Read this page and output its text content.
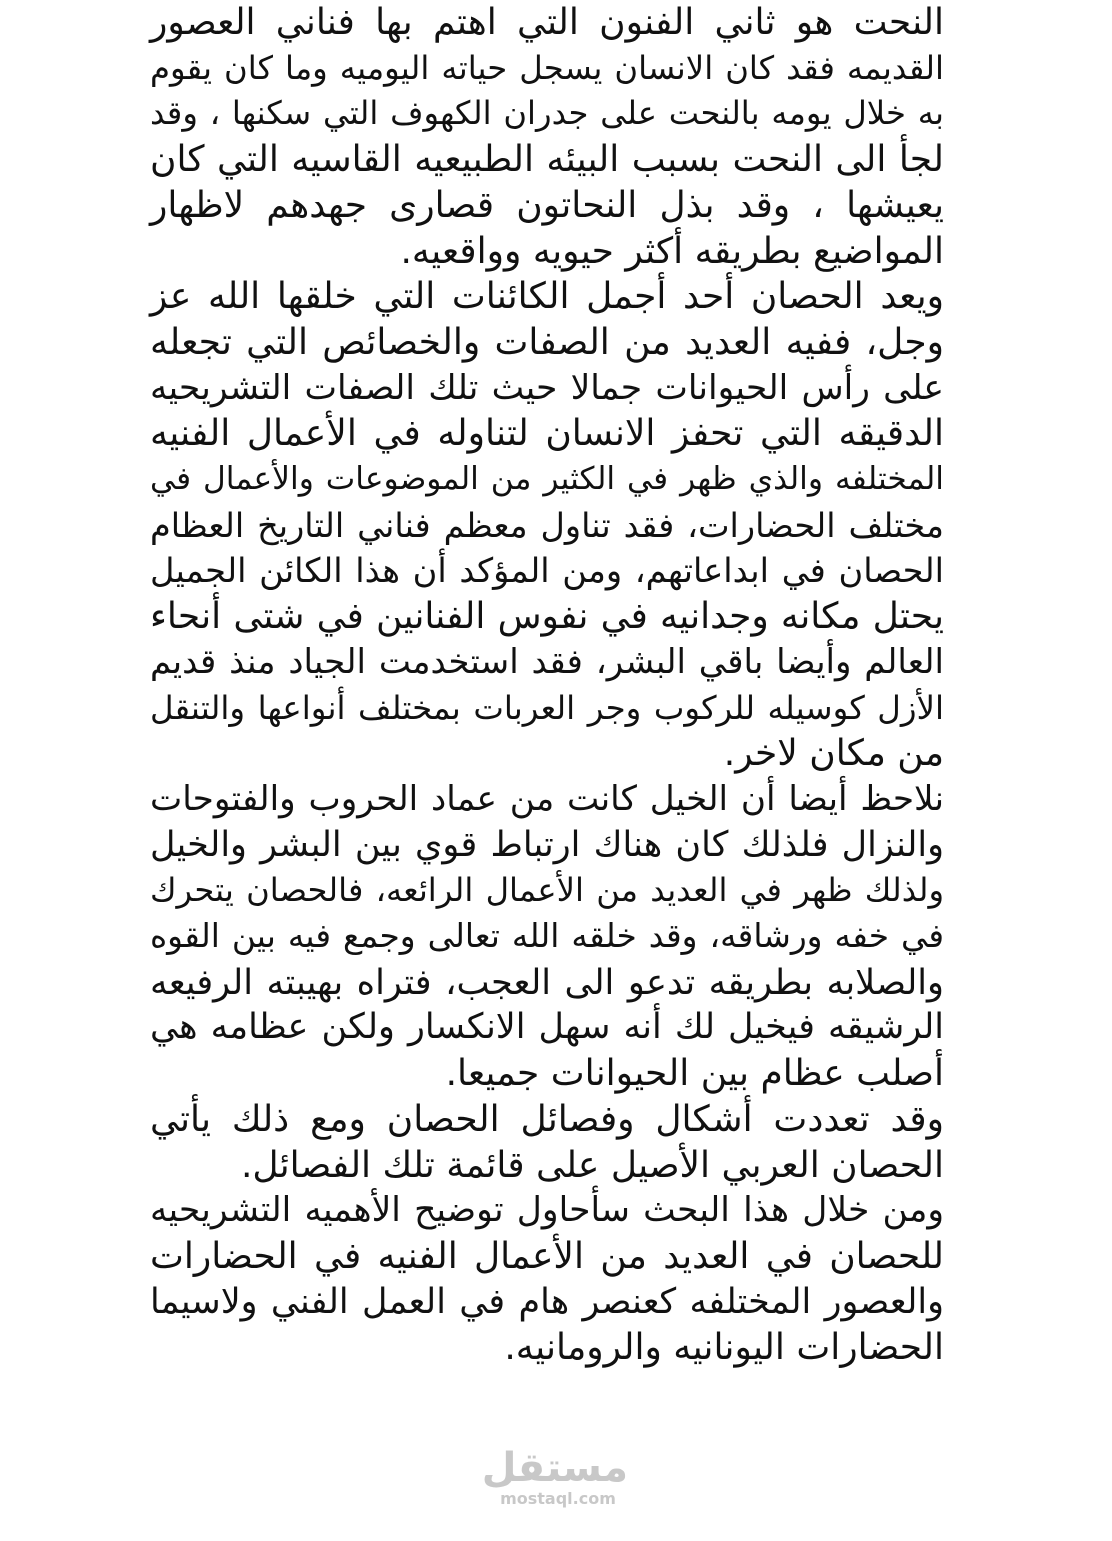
النحت هو ثاني الفنون التي اهتم بها فناني العصور
القديمه فقد كان الانسان يسجل حياته اليوميه وما كان يقوم
به خلال يومه بالنحت على جدران الكهوف التي سكنها ، وقد
لجأ الى النحت بسبب البيئه الطبيعيه القاسيه التي كان
يعيشها ، وقد بذل النحاتون قصارى جهدهم لاظهار
المواضيع بطريقه أكثر حيويه وواقعيه.
ويعد الحصان أحد أجمل الكائنات التي خلقها الله عز
وجل، ففيه العديد من الصفات والخصائص التي تجعله
على رأس الحيوانات جمالا حيث تلك الصفات التشريحيه
الدقيقه التي تحفز الانسان لتناوله في الأعمال الفنيه
المختلفه والذي ظهر في الكثير من الموضوعات والأعمال في
مختلف الحضارات، فقد تناول معظم فناني التاريخ العظام
الحصان في ابداعاتهم، ومن المؤكد أن هذا الكائن الجميل
يحتل مكانه وجدانيه في نفوس الفنانين في شتى أنحاء
العالم وأيضا باقي البشر، فقد استخدمت الجياد منذ قديم
الأزل كوسيله للركوب وجر العربات بمختلف أنواعها والتنقل
من مكان لاخر.
نلاحظ أيضا أن الخيل كانت من عماد الحروب والفتوحات
والنزال فلذلك كان هناك ارتباط قوي بين البشر والخيل
ولذلك ظهر في العديد من الأعمال الرائعه، فالحصان يتحرك
في خفه ورشاقه، وقد خلقه الله تعالى وجمع فيه بين القوه
والصلابه بطريقه تدعو الى العجب، فتراه بهيبته الرفيعه
الرشيقه فيخيل لك أنه سهل الانكسار ولكن عظامه هي
أصلب عظام بين الحيوانات جميعا.
وقد تعددت أشكال وفصائل الحصان ومع ذلك يأتي
الحصان العربي الأصيل على قائمة تلك الفصائل.
ومن خلال هذا البحث سأحاول توضيح الأهميه التشريحيه
للحصان في العديد من الأعمال الفنيه في الحضارات
والعصور المختلفه كعنصر هام في العمل الفني ولاسيما
الحضارات اليونانيه والرومانيه.
مستقل
mostaql.com
